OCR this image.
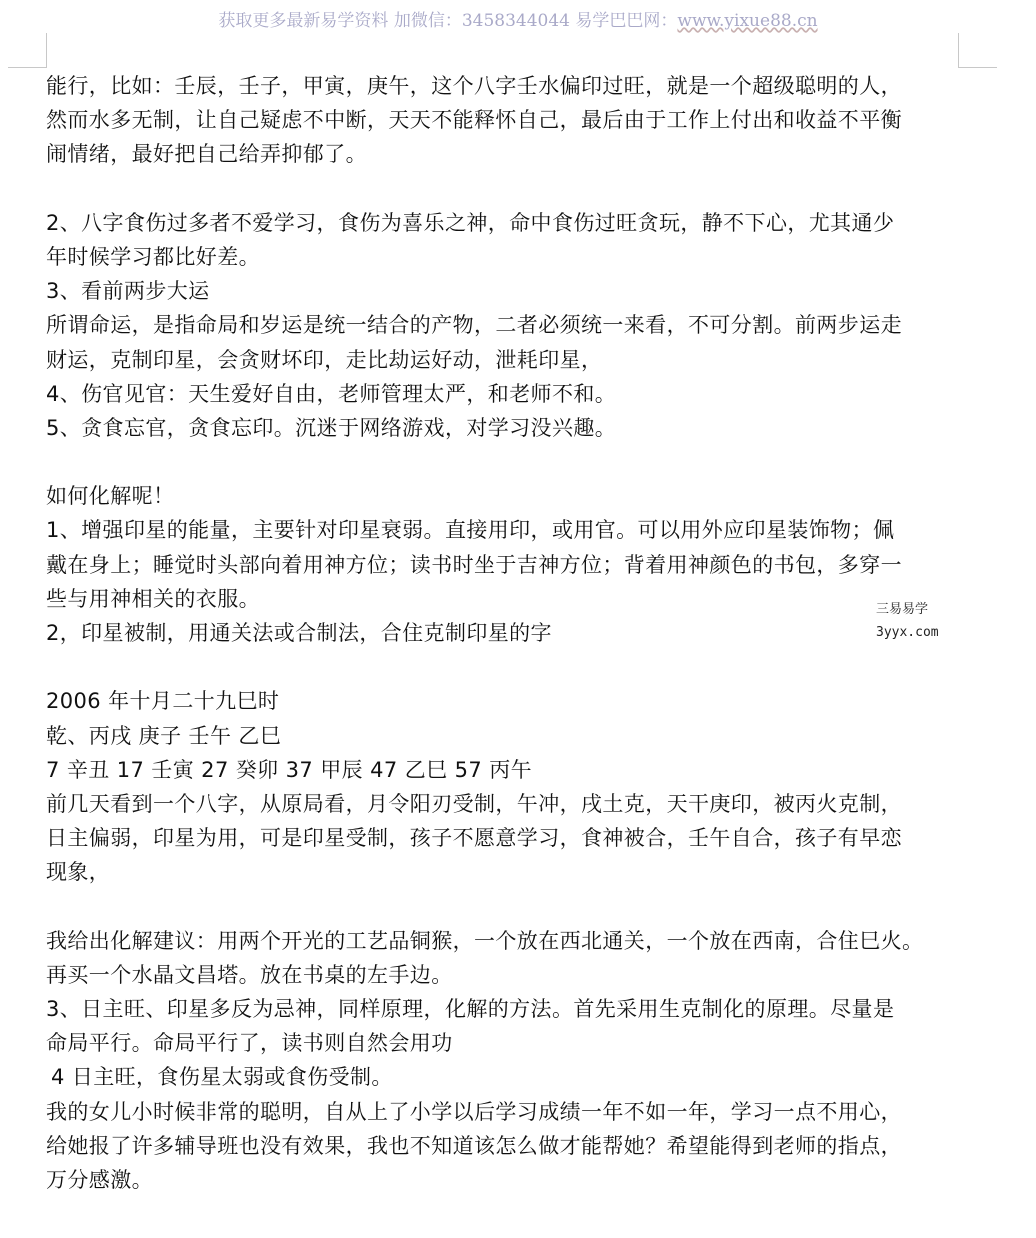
获取更多最新易学资料 加微信：3458344044 易学巴巴网：www.yixue88.cn
能行，比如：壬辰，壬子，甲寅，庚午，这个八字壬水偏印过旺，就是一个超级聪明的人，
然而水多无制，让自己疑虑不中断，天天不能释怀自己，最后由于工作上付出和收益不平衡
闹情绪，最好把自己给弄抑郁了。
2、八字食伤过多者不爱学习，食伤为喜乐之神，命中食伤过旺贪玩，静不下心，尤其通少
年时候学习都比好差。
3、看前两步大运
所谓命运，是指命局和岁运是统一结合的产物，二者必须统一来看，不可分割。前两步运走
财运，克制印星，会贪财坏印，走比劫运好动，泄耗印星，
4、伤官见官：天生爱好自由，老师管理太严，和老师不和。
5、贪食忘官，贪食忘印。沉迷于网络游戏，对学习没兴趣。
如何化解呢！
1、增强印星的能量，主要针对印星衰弱。直接用印，或用官。可以用外应印星装饰物；佩
戴在身上；睡觉时头部向着用神方位；读书时坐于吉神方位；背着用神颜色的书包，多穿一
些与用神相关的衣服。
2，印星被制，用通关法或合制法，合住克制印星的字
2006 年十月二十九巳时
乾、丙戌 庚子 壬午 乙巳
7 辛丑 17 壬寅 27 癸卯 37 甲辰 47 乙巳 57 丙午
前几天看到一个八字，从原局看，月令阳刃受制，午冲，戌土克，天干庚印，被丙火克制，
日主偏弱，印星为用，可是印星受制，孩子不愿意学习，食神被合，壬午自合，孩子有早恋
现象，
我给出化解建议：用两个开光的工艺品铜猴，一个放在西北通关，一个放在西南，合住巳火。
再买一个水晶文昌塔。放在书桌的左手边。
3、日主旺、印星多反为忌神，同样原理，化解的方法。首先采用生克制化的原理。尽量是
命局平行。命局平行了，读书则自然会用功
4 日主旺，食伤星太弱或食伤受制。
我的女儿小时候非常的聪明，自从上了小学以后学习成绩一年不如一年，学习一点不用心，
给她报了许多辅导班也没有效果，我也不知道该怎么做才能帮她？希望能得到老师的指点，
万分感激。
三易易学
3yyx.com
